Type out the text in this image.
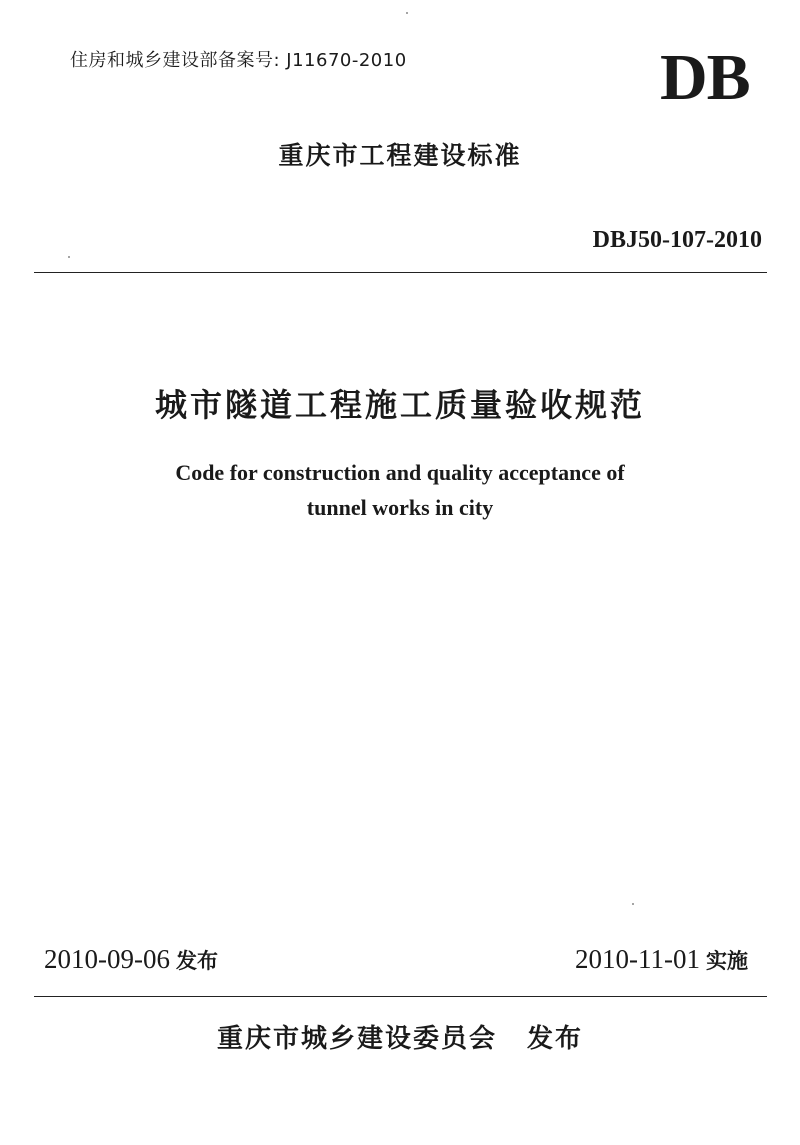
住房和城乡建设部备案号: J11670-2010	DB
重庆市工程建设标准
DBJ50-107-2010
城市隧道工程施工质量验收规范
Code for construction and quality acceptance of
tunnel works in city
2010-09-06 发布	2010-11-01 实施
重庆市城乡建设委员会 发布
